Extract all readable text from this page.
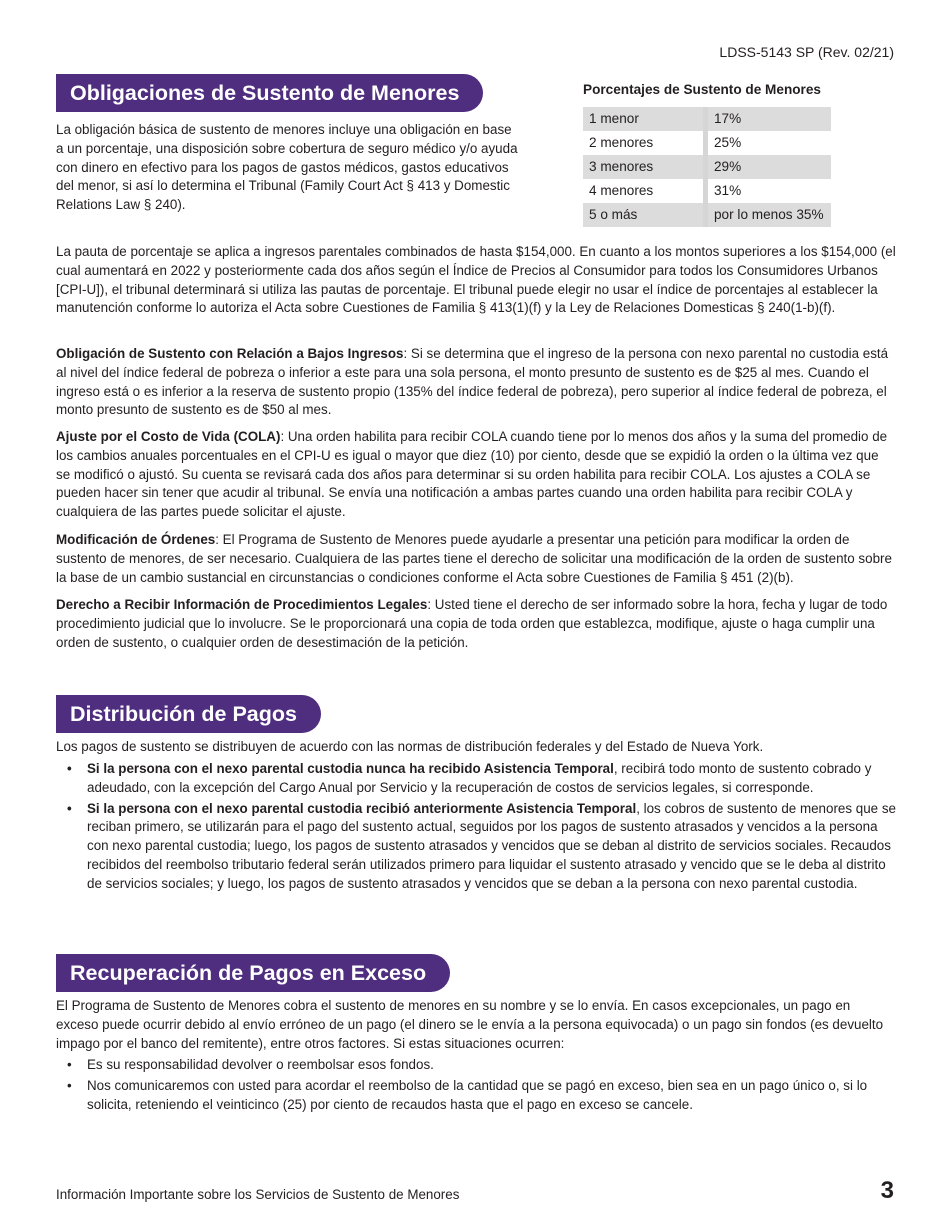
LDSS-5143 SP (Rev. 02/21)
Obligaciones de Sustento de Menores

La obligación básica de sustento de menores incluye una obligación en base a un porcentaje, una disposición sobre cobertura de seguro médico y/o ayuda con dinero en efectivo para los pagos de gastos médicos, gastos educativos del menor, si así lo determina el Tribunal (Family Court Act § 413 y Domestic Relations Law § 240).

Porcentajes de Sustento de Menores
1 menor	17%
2 menores	25%
3 menores	29%
4 menores	31%
5 o más	por lo menos 35%

La pauta de porcentaje se aplica a ingresos parentales combinados de hasta $154,000. En cuanto a los montos superiores a los $154,000 (el cual aumentará en 2022 y posteriormente cada dos años según el Índice de Precios al Consumidor para todos los Consumidores Urbanos [CPI-U]), el tribunal determinará si utiliza las pautas de porcentaje. El tribunal puede elegir no usar el índice de porcentajes al establecer la manutención conforme lo autoriza el Acta sobre Cuestiones de Familia § 413(1)(f) y la Ley de Relaciones Domesticas § 240(1-b)(f).

Obligación de Sustento con Relación a Bajos Ingresos: Si se determina que el ingreso de la persona con nexo parental no custodia está al nivel del índice federal de pobreza o inferior a este para una sola persona, el monto presunto de sustento es de $25 al mes. Cuando el ingreso está o es inferior a la reserva de sustento propio (135% del índice federal de pobreza), pero superior al índice federal de pobreza, el monto presunto de sustento es de $50 al mes.

Ajuste por el Costo de Vida (COLA): Una orden habilita para recibir COLA cuando tiene por lo menos dos años y la suma del promedio de los cambios anuales porcentuales en el CPI-U es igual o mayor que diez (10) por ciento, desde que se expidió la orden o la última vez que se modificó o ajustó. Su cuenta se revisará cada dos años para determinar si su orden habilita para recibir COLA. Los ajustes a COLA se pueden hacer sin tener que acudir al tribunal. Se envía una notificación a ambas partes cuando una orden habilita para recibir COLA y cualquiera de las partes puede solicitar el ajuste.

Modificación de Órdenes: El Programa de Sustento de Menores puede ayudarle a presentar una petición para modificar la orden de sustento de menores, de ser necesario. Cualquiera de las partes tiene el derecho de solicitar una modificación de la orden de sustento sobre la base de un cambio sustancial en circunstancias o condiciones conforme el Acta sobre Cuestiones de Familia § 451 (2)(b).

Derecho a Recibir Información de Procedimientos Legales: Usted tiene el derecho de ser informado sobre la hora, fecha y lugar de todo procedimiento judicial que lo involucre. Se le proporcionará una copia de toda orden que establezca, modifique, ajuste o haga cumplir una orden de sustento, o cualquier orden de desestimación de la petición.

Distribución de Pagos

Los pagos de sustento se distribuyen de acuerdo con las normas de distribución federales y del Estado de Nueva York.

• Si la persona con el nexo parental custodia nunca ha recibido Asistencia Temporal, recibirá todo monto de sustento cobrado y adeudado, con la excepción del Cargo Anual por Servicio y la recuperación de costos de servicios legales, si corresponde.
• Si la persona con el nexo parental custodia recibió anteriormente Asistencia Temporal, los cobros de sustento de menores que se reciban primero, se utilizarán para el pago del sustento actual, seguidos por los pagos de sustento atrasados y vencidos a la persona con nexo parental custodia; luego, los pagos de sustento atrasados y vencidos que se deban al distrito de servicios sociales. Recaudos recibidos del reembolso tributario federal serán utilizados primero para liquidar el sustento atrasado y vencido que se le deba al distrito de servicios sociales; y luego, los pagos de sustento atrasados y vencidos que se deban a la persona con nexo parental custodia.
Recuperación de Pagos en Exceso

El Programa de Sustento de Menores cobra el sustento de menores en su nombre y se lo envía. En casos excepcionales, un pago en exceso puede ocurrir debido al envío erróneo de un pago (el dinero se le envía a la persona equivocada) o un pago sin fondos (es devuelto impago por el banco del remitente), entre otros factores. Si estas situaciones ocurren:

• Es su responsabilidad devolver o reembolsar esos fondos.
• Nos comunicaremos con usted para acordar el reembolso de la cantidad que se pagó en exceso, bien sea en un pago único o, si lo solicita, reteniendo el veinticinco (25) por ciento de recaudos hasta que el pago en exceso se cancele.
Información Importante sobre los Servicios de Sustento de Menores	3
